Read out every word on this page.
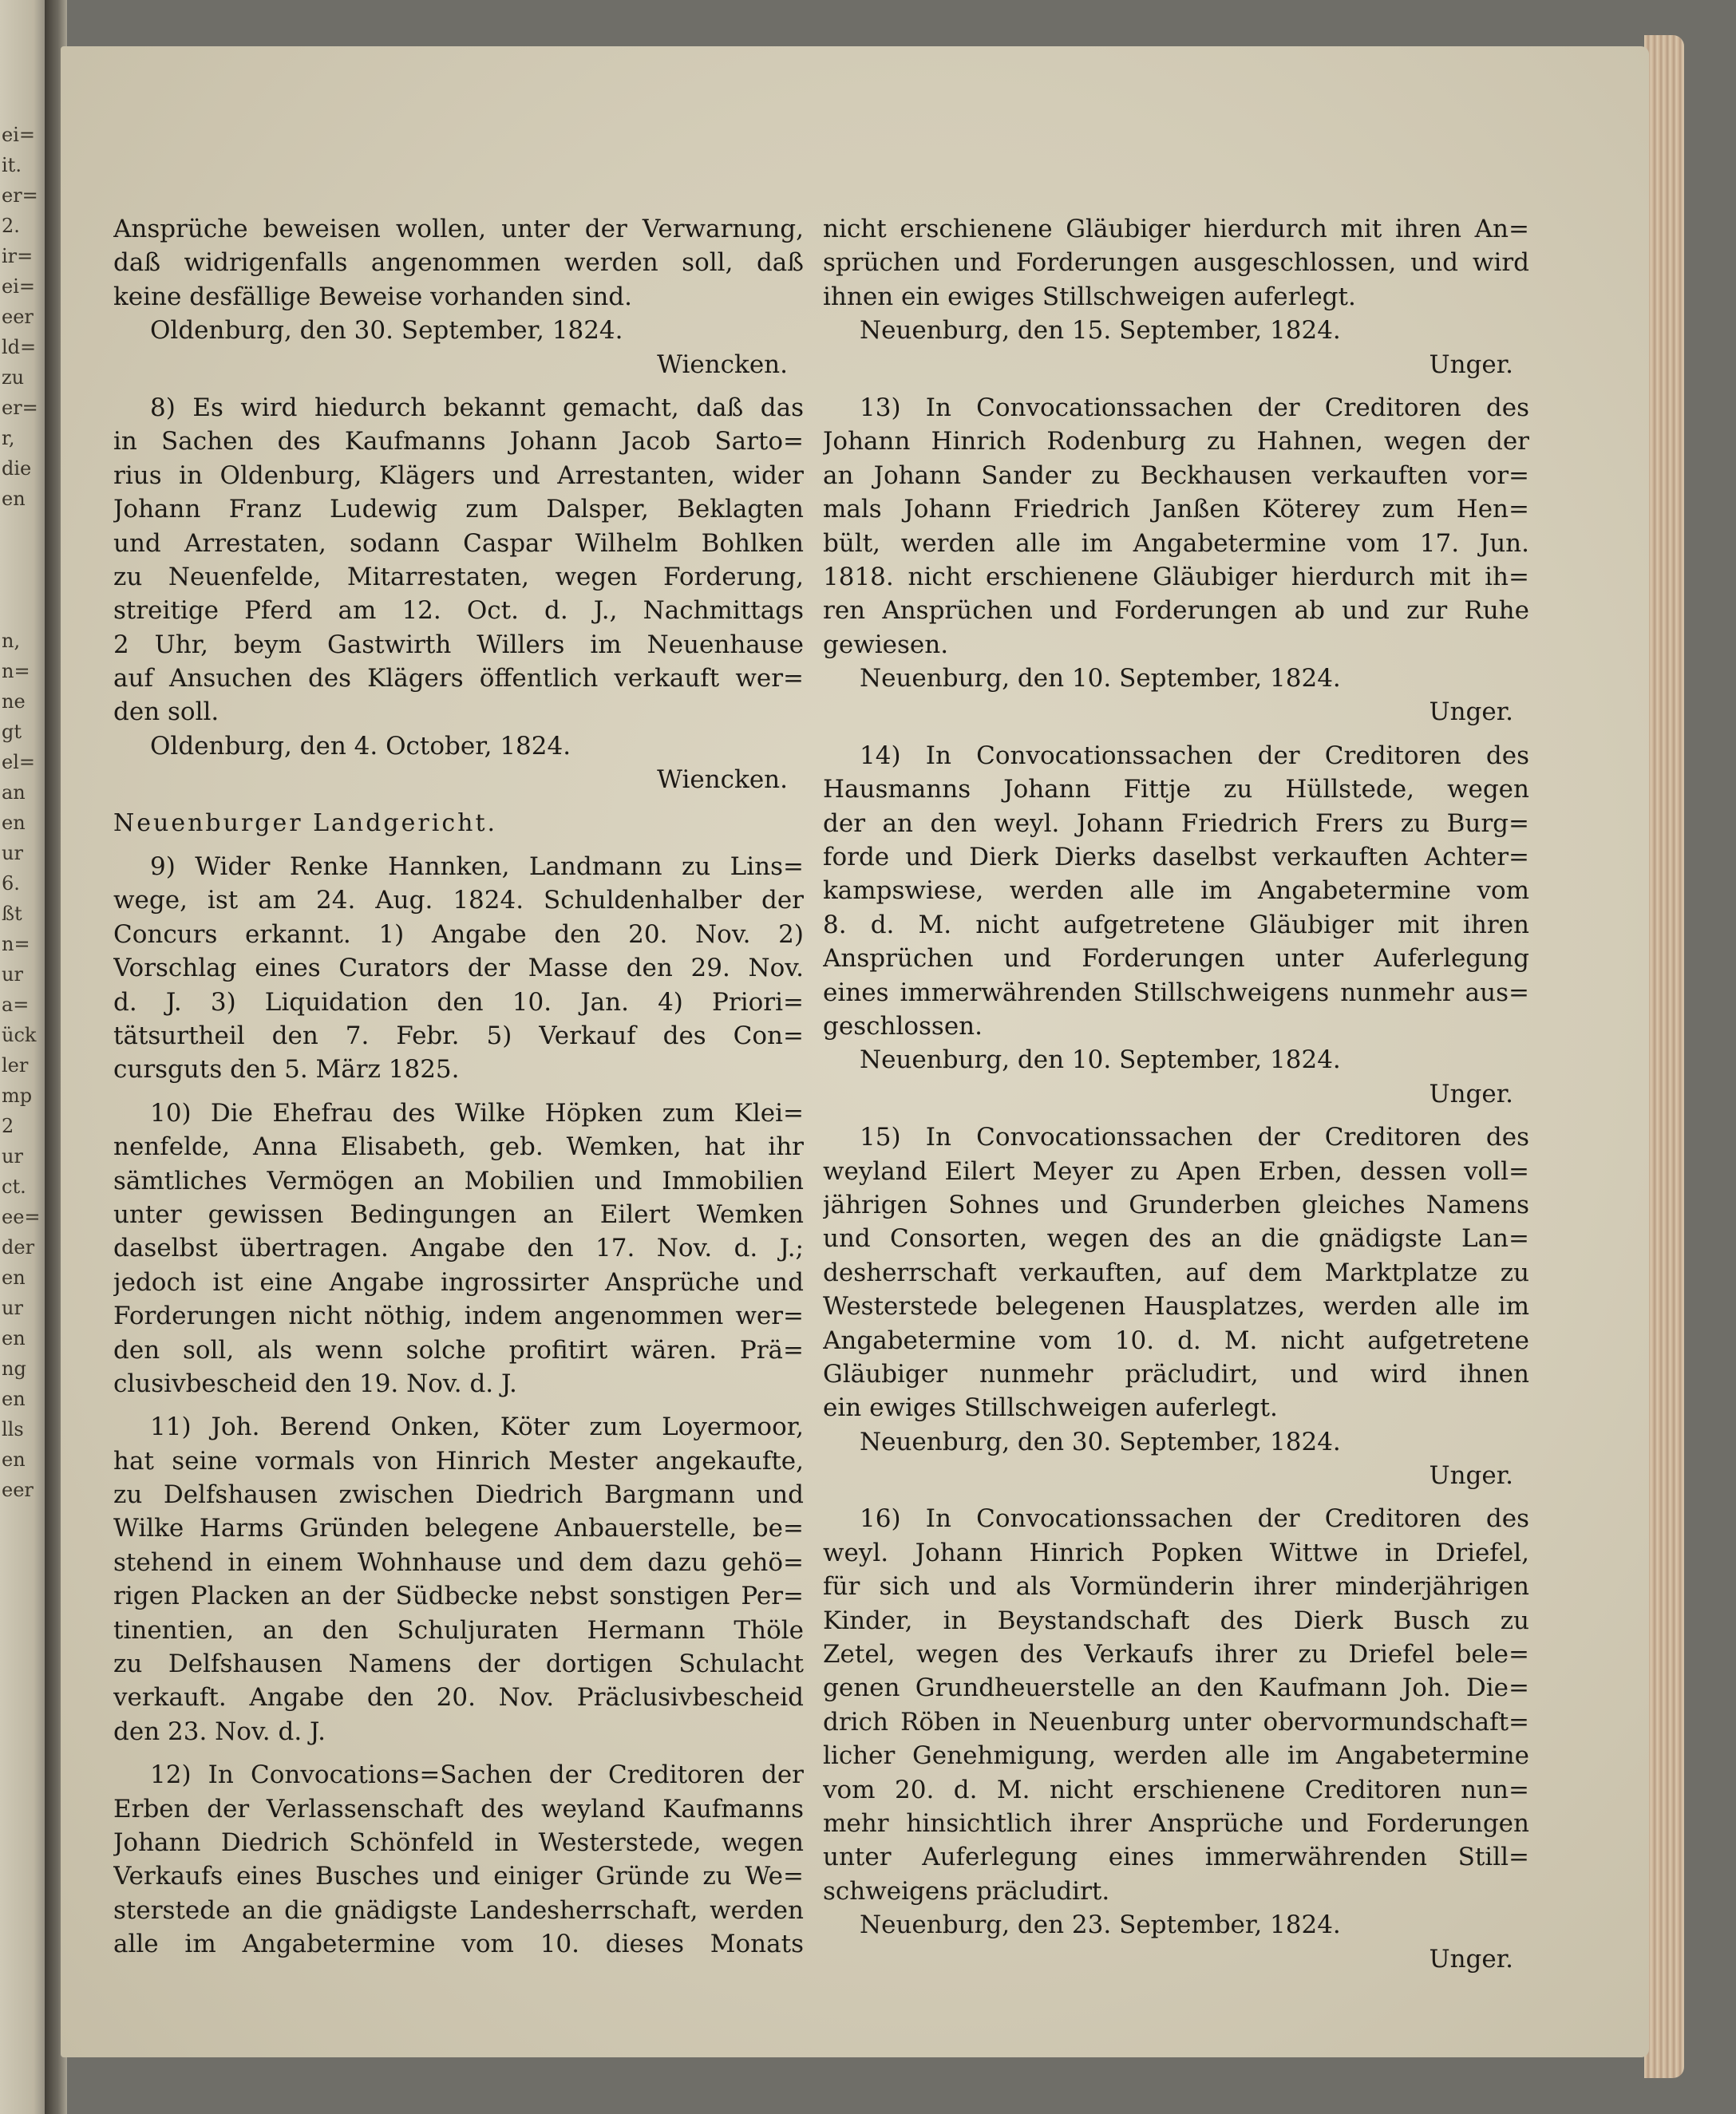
ei=
it.
er=
2.
ir=
ei=
eer
ld=
zu
er=
r,
die
en
n,
n=
ne
gt
el=
an
en
ur
6.
ßt
n=
ur
a=
ück
ler
mp
2
ur
ct.
ee=
der
en
ur
en
ng
en
lls
en
eer
Ansprüche beweisen wollen, unter der Verwarnung,
daß widrigenfalls angenommen werden soll, daß
keine desfällige Beweise vorhanden sind.
Oldenburg, den 30. September, 1824.
Wiencken.
8) Es wird hiedurch bekannt gemacht, daß das
in Sachen des Kaufmanns Johann Jacob Sarto=
rius in Oldenburg, Klägers und Arrestanten, wider
Johann Franz Ludewig zum Dalsper, Beklagten
und Arrestaten, sodann Caspar Wilhelm Bohlken
zu Neuenfelde, Mitarrestaten, wegen Forderung,
streitige Pferd am 12. Oct. d. J., Nachmittags
2 Uhr, beym Gastwirth Willers im Neuenhause
auf Ansuchen des Klägers öffentlich verkauft wer=
den soll.
Oldenburg, den 4. October, 1824.
Wiencken.
Neuenburger Landgericht.
9) Wider Renke Hannken, Landmann zu Lins=
wege, ist am 24. Aug. 1824. Schuldenhalber der
Concurs erkannt. 1) Angabe den 20. Nov. 2)
Vorschlag eines Curators der Masse den 29. Nov.
d. J. 3) Liquidation den 10. Jan. 4) Priori=
tätsurtheil den 7. Febr. 5) Verkauf des Con=
cursguts den 5. März 1825.
10) Die Ehefrau des Wilke Höpken zum Klei=
nenfelde, Anna Elisabeth, geb. Wemken, hat ihr
sämtliches Vermögen an Mobilien und Immobilien
unter gewissen Bedingungen an Eilert Wemken
daselbst übertragen. Angabe den 17. Nov. d. J.;
jedoch ist eine Angabe ingrossirter Ansprüche und
Forderungen nicht nöthig, indem angenommen wer=
den soll, als wenn solche profitirt wären. Prä=
clusivbescheid den 19. Nov. d. J.
11) Joh. Berend Onken, Köter zum Loyermoor,
hat seine vormals von Hinrich Mester angekaufte,
zu Delfshausen zwischen Diedrich Bargmann und
Wilke Harms Gründen belegene Anbauerstelle, be=
stehend in einem Wohnhause und dem dazu gehö=
rigen Placken an der Südbecke nebst sonstigen Per=
tinentien, an den Schuljuraten Hermann Thöle
zu Delfshausen Namens der dortigen Schulacht
verkauft. Angabe den 20. Nov. Präclusivbescheid
den 23. Nov. d. J.
12) In Convocations=Sachen der Creditoren der
Erben der Verlassenschaft des weyland Kaufmanns
Johann Diedrich Schönfeld in Westerstede, wegen
Verkaufs eines Busches und einiger Gründe zu We=
sterstede an die gnädigste Landesherrschaft, werden
alle im Angabetermine vom 10. dieses Monats
nicht erschienene Gläubiger hierdurch mit ihren An=
sprüchen und Forderungen ausgeschlossen, und wird
ihnen ein ewiges Stillschweigen auferlegt.
Neuenburg, den 15. September, 1824.
Unger.
13) In Convocationssachen der Creditoren des
Johann Hinrich Rodenburg zu Hahnen, wegen der
an Johann Sander zu Beckhausen verkauften vor=
mals Johann Friedrich Janßen Köterey zum Hen=
bült, werden alle im Angabetermine vom 17. Jun.
1818. nicht erschienene Gläubiger hierdurch mit ih=
ren Ansprüchen und Forderungen ab und zur Ruhe
gewiesen.
Neuenburg, den 10. September, 1824.
Unger.
14) In Convocationssachen der Creditoren des
Hausmanns Johann Fittje zu Hüllstede, wegen
der an den weyl. Johann Friedrich Frers zu Burg=
forde und Dierk Dierks daselbst verkauften Achter=
kampswiese, werden alle im Angabetermine vom
8. d. M. nicht aufgetretene Gläubiger mit ihren
Ansprüchen und Forderungen unter Auferlegung
eines immerwährenden Stillschweigens nunmehr aus=
geschlossen.
Neuenburg, den 10. September, 1824.
Unger.
15) In Convocationssachen der Creditoren des
weyland Eilert Meyer zu Apen Erben, dessen voll=
jährigen Sohnes und Grunderben gleiches Namens
und Consorten, wegen des an die gnädigste Lan=
desherrschaft verkauften, auf dem Marktplatze zu
Westerstede belegenen Hausplatzes, werden alle im
Angabetermine vom 10. d. M. nicht aufgetretene
Gläubiger nunmehr präcludirt, und wird ihnen
ein ewiges Stillschweigen auferlegt.
Neuenburg, den 30. September, 1824.
Unger.
16) In Convocationssachen der Creditoren des
weyl. Johann Hinrich Popken Wittwe in Driefel,
für sich und als Vormünderin ihrer minderjährigen
Kinder, in Beystandschaft des Dierk Busch zu
Zetel, wegen des Verkaufs ihrer zu Driefel bele=
genen Grundheuerstelle an den Kaufmann Joh. Die=
drich Röben in Neuenburg unter obervormundschaft=
licher Genehmigung, werden alle im Angabetermine
vom 20. d. M. nicht erschienene Creditoren nun=
mehr hinsichtlich ihrer Ansprüche und Forderungen
unter Auferlegung eines immerwährenden Still=
schweigens präcludirt.
Neuenburg, den 23. September, 1824.
Unger.
